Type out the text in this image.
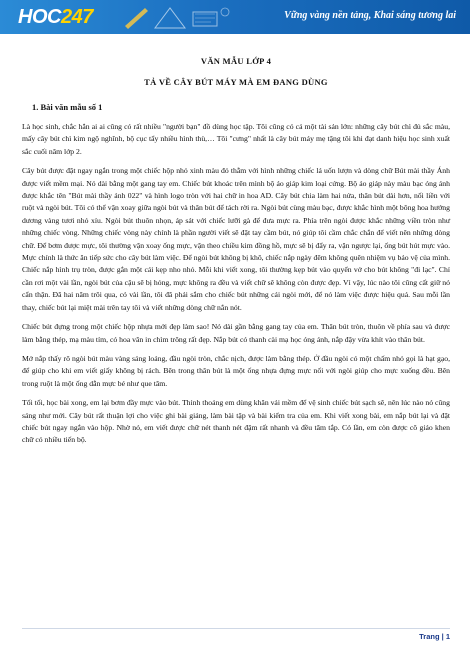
HOC247	Vững vàng nền tảng, Khai sáng tương lai

VĂN MẪU LỚP 4

TẢ VỀ CÂY BÚT MÁY MÀ EM ĐANG DÙNG

1. Bài văn mẫu số 1

Là học sinh, chắc hẳn ai ai cũng có rất nhiều "người bạn" đồ dùng học tập. Tôi cũng có cả một tài sản lớn: những cây bút chì đủ sắc màu, mấy cây bút chì kim ngộ nghĩnh, bộ cục tẩy nhiều hình thù,… Tôi "cưng" nhất là cây bút máy mẹ tặng tôi khi đạt danh hiệu học sinh xuất sắc cuối năm lớp 2.

Cây bút được đặt ngay ngắn trong một chiếc hộp nhỏ xinh màu đỏ thẫm với hình những chiếc lá uốn lượn và dòng chữ Bút mài thầy Ánh được viết mềm mại. Nó dài bằng một gang tay em. Chiếc bút khoác trên mình bộ áo giáp kim loại cứng. Bộ áo giáp này màu bạc óng ánh được khắc tên "Bút mài thầy ánh 022" và hình logo tròn với hai chữ in hoa AD. Cây bút chia làm hai nửa, thân bút dài hơn, nối liền với ruột và ngòi bút. Tôi có thể vặn xoay giữa ngòi bút và thân bút để tách rời ra. Ngòi bút cùng màu bạc, được khắc hình một bông hoa hướng dương vàng tươi nhỏ xíu. Ngòi bút thuôn nhọn, áp sát với chiếc lưỡi gà để đưa mực ra. Phía trên ngòi được khắc những viền tròn như những chiếc vòng. Những chiếc vòng này chính là phần người viết sẽ đặt tay cầm bút, nó giúp tôi cầm chắc chắn để viết nên những dòng chữ. Để bơm được mực, tôi thường vặn xoay ống mực, vặn theo chiều kim đồng hồ, mực sẽ bị đẩy ra, vặn ngược lại, ống bút hút mực vào. Mực chính là thức ăn tiếp sức cho cây bút làm việc. Để ngòi bút không bị khô, chiếc nắp ngày đêm không quên nhiệm vụ bảo vệ của mình. Chiếc nắp hình trụ tròn, được gắn một cái kẹp nho nhỏ. Mỗi khi viết xong, tôi thường kẹp bút vào quyển vở cho bút không "đi lạc". Chỉ cần rơi một vài lần, ngòi bút của cậu sẽ bị hỏng, mực không ra đều và viết chữ sẽ không còn được đẹp. Vì vậy, lúc nào tôi cũng cất giữ nó cẩn thận. Đã hai năm trôi qua, có vài lần, tôi đã phải sắm cho chiếc bút những cái ngòi mới, để nó làm việc được hiệu quả. Sau mỗi lần thay, chiếc bút lại miệt mài trên tay tôi và viết những dòng chữ nắn nót.

Chiếc bút đựng trong một chiếc hộp nhựa mới đẹp làm sao! Nó dài gần bằng gang tay của em. Thân bút tròn, thuôn về phía sau và được làm bằng thép, mạ màu tím, có hoa văn in chìm trông rất đẹp. Nắp bút có thanh cài mạ học óng ánh, nắp đậy vừa khít vào thân bút.

Mở nắp thấy rõ ngòi bút màu vàng sáng loáng, đầu ngòi tròn, chắc nịch, được làm bằng thép. Ở đầu ngòi có một chấm nhỏ gọi là hạt gạo, để giúp cho khi em viết giấy không bị rách. Bên trong thân bút là một ống nhựa đựng mực nối với ngòi giúp cho mực xuống đều. Bên trong ruột là một ống dẫn mực bé như que tăm.

Tối tối, học bài xong, em lại bơm đầy mực vào bút. Thỉnh thoảng em dùng khăn vải mềm để vệ sinh chiếc bút sạch sẽ, nên lúc nào nó cũng sáng như mới. Cây bút rất thuận lợi cho việc ghi bài giảng, làm bài tập và bài kiểm tra của em. Khi viết xong bài, em nắp bút lại và đặt chiếc bút ngay ngắn vào hộp. Nhờ nó, em viết được chữ nét thanh nét đậm rất nhanh và đều tăm tắp. Có lần, em còn được cô giáo khen chữ có nhiều tiến bộ.

Trang | 1
